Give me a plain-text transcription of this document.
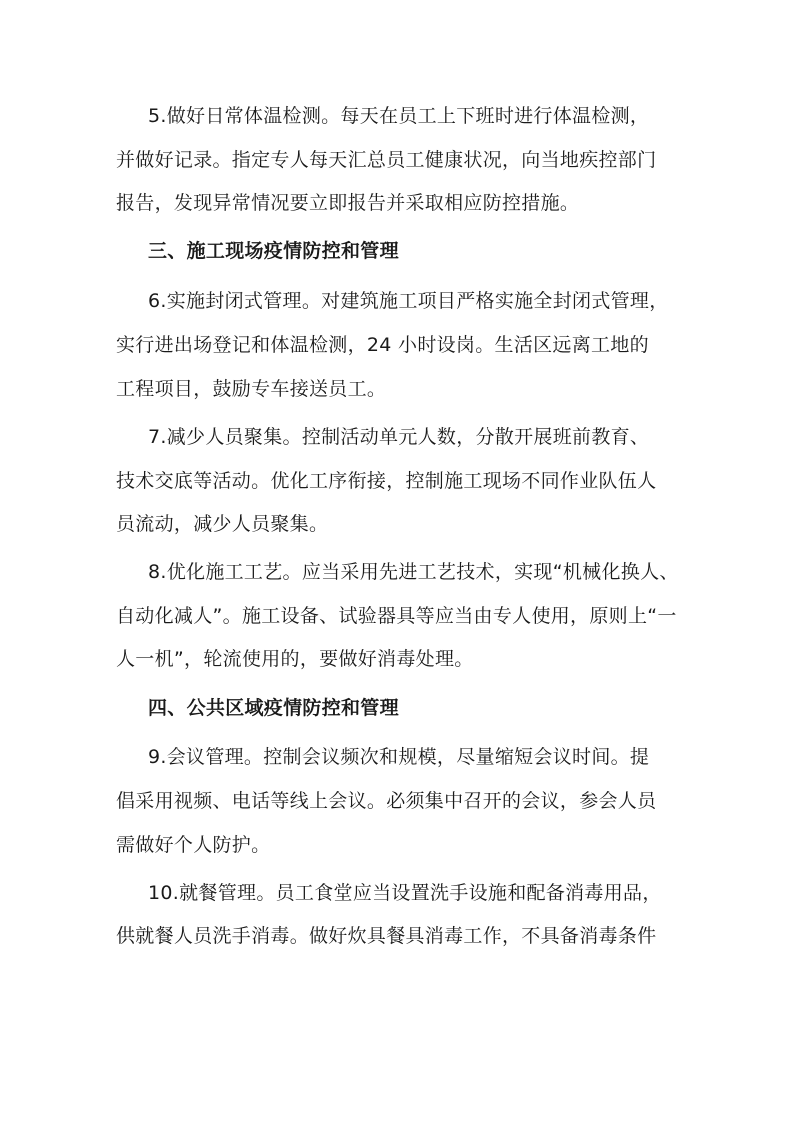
5.做好日常体温检测。每天在员工上下班时进行体温检测，
并做好记录。指定专人每天汇总员工健康状况，向当地疾控部门
报告，发现异常情况要立即报告并采取相应防控措施。
三、施工现场疫情防控和管理
6.实施封闭式管理。对建筑施工项目严格实施全封闭式管理，
实行进出场登记和体温检测，24 小时设岗。生活区远离工地的
工程项目，鼓励专车接送员工。
7.减少人员聚集。控制活动单元人数，分散开展班前教育、
技术交底等活动。优化工序衔接，控制施工现场不同作业队伍人
员流动，减少人员聚集。
8.优化施工工艺。应当采用先进工艺技术，实现“机械化换人、
自动化减人”。施工设备、试验器具等应当由专人使用，原则上“一
人一机”，轮流使用的，要做好消毒处理。
四、公共区域疫情防控和管理
9.会议管理。控制会议频次和规模，尽量缩短会议时间。提
倡采用视频、电话等线上会议。必须集中召开的会议，参会人员
需做好个人防护。
10.就餐管理。员工食堂应当设置洗手设施和配备消毒用品，
供就餐人员洗手消毒。做好炊具餐具消毒工作，不具备消毒条件
